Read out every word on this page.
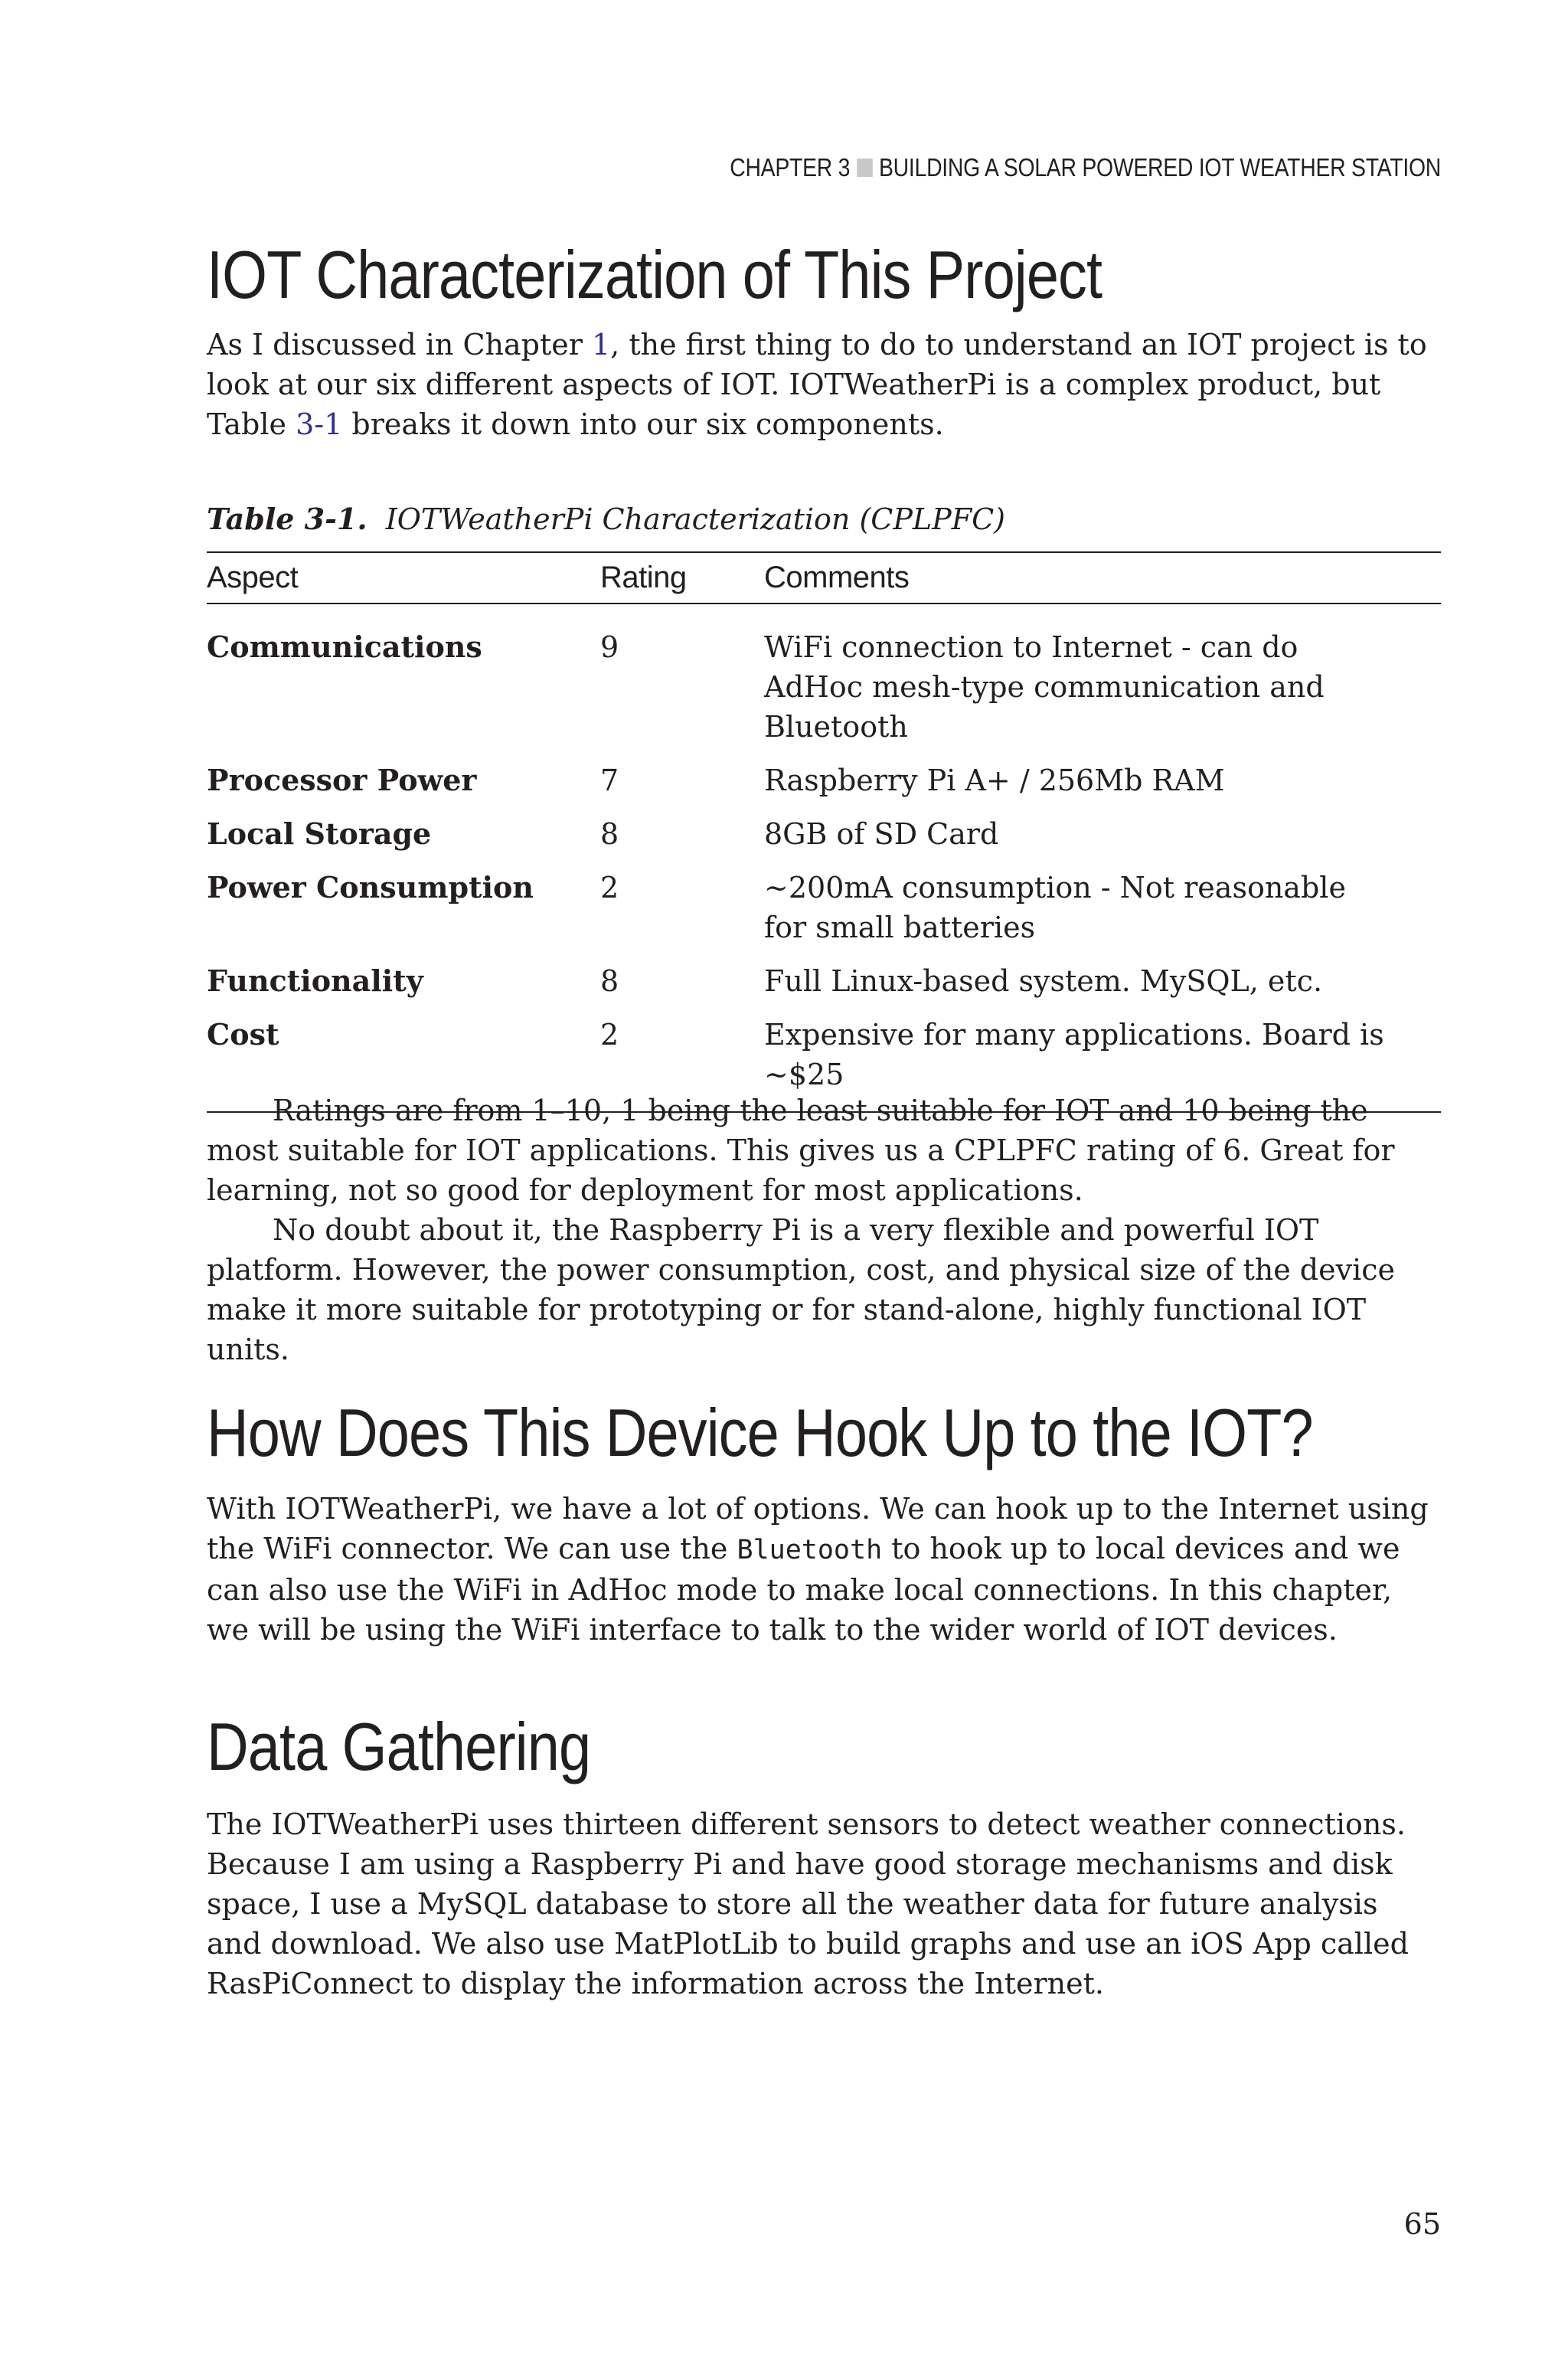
CHAPTER 3 BUILDING A SOLAR POWERED IOT WEATHER STATION
IOT Characterization of This Project

As I discussed in Chapter 1, the first thing to do to understand an IOT project is to look at our six different aspects of IOT. IOTWeatherPi is a complex product, but Table 3-1 breaks it down into our six components.

Table 3-1. IOTWeatherPi Characterization (CPLPFC)

Aspect	Rating	Comments
Communications	9	WiFi connection to Internet - can do AdHoc mesh-type communication and Bluetooth
Processor Power	7	Raspberry Pi A+ / 256Mb RAM
Local Storage	8	8GB of SD Card
Power Consumption	2	~200mA consumption - Not reasonable for small batteries
Functionality	8	Full Linux-based system. MySQL, etc.
Cost	2	Expensive for many applications. Board is ~$25

Ratings are from 1–10, 1 being the least suitable for IOT and 10 being the most suitable for IOT applications. This gives us a CPLPFC rating of 6. Great for learning, not so good for deployment for most applications.

No doubt about it, the Raspberry Pi is a very flexible and powerful IOT platform. However, the power consumption, cost, and physical size of the device make it more suitable for prototyping or for stand-alone, highly functional IOT units.

How Does This Device Hook Up to the IOT?

With IOTWeatherPi, we have a lot of options. We can hook up to the Internet using the WiFi connector. We can use the Bluetooth to hook up to local devices and we can also use the WiFi in AdHoc mode to make local connections. In this chapter, we will be using the WiFi interface to talk to the wider world of IOT devices.

Data Gathering

The IOTWeatherPi uses thirteen different sensors to detect weather connections. Because I am using a Raspberry Pi and have good storage mechanisms and disk space, I use a MySQL database to store all the weather data for future analysis and download. We also use MatPlotLib to build graphs and use an iOS App called RasPiConnect to display the information across the Internet.

65
